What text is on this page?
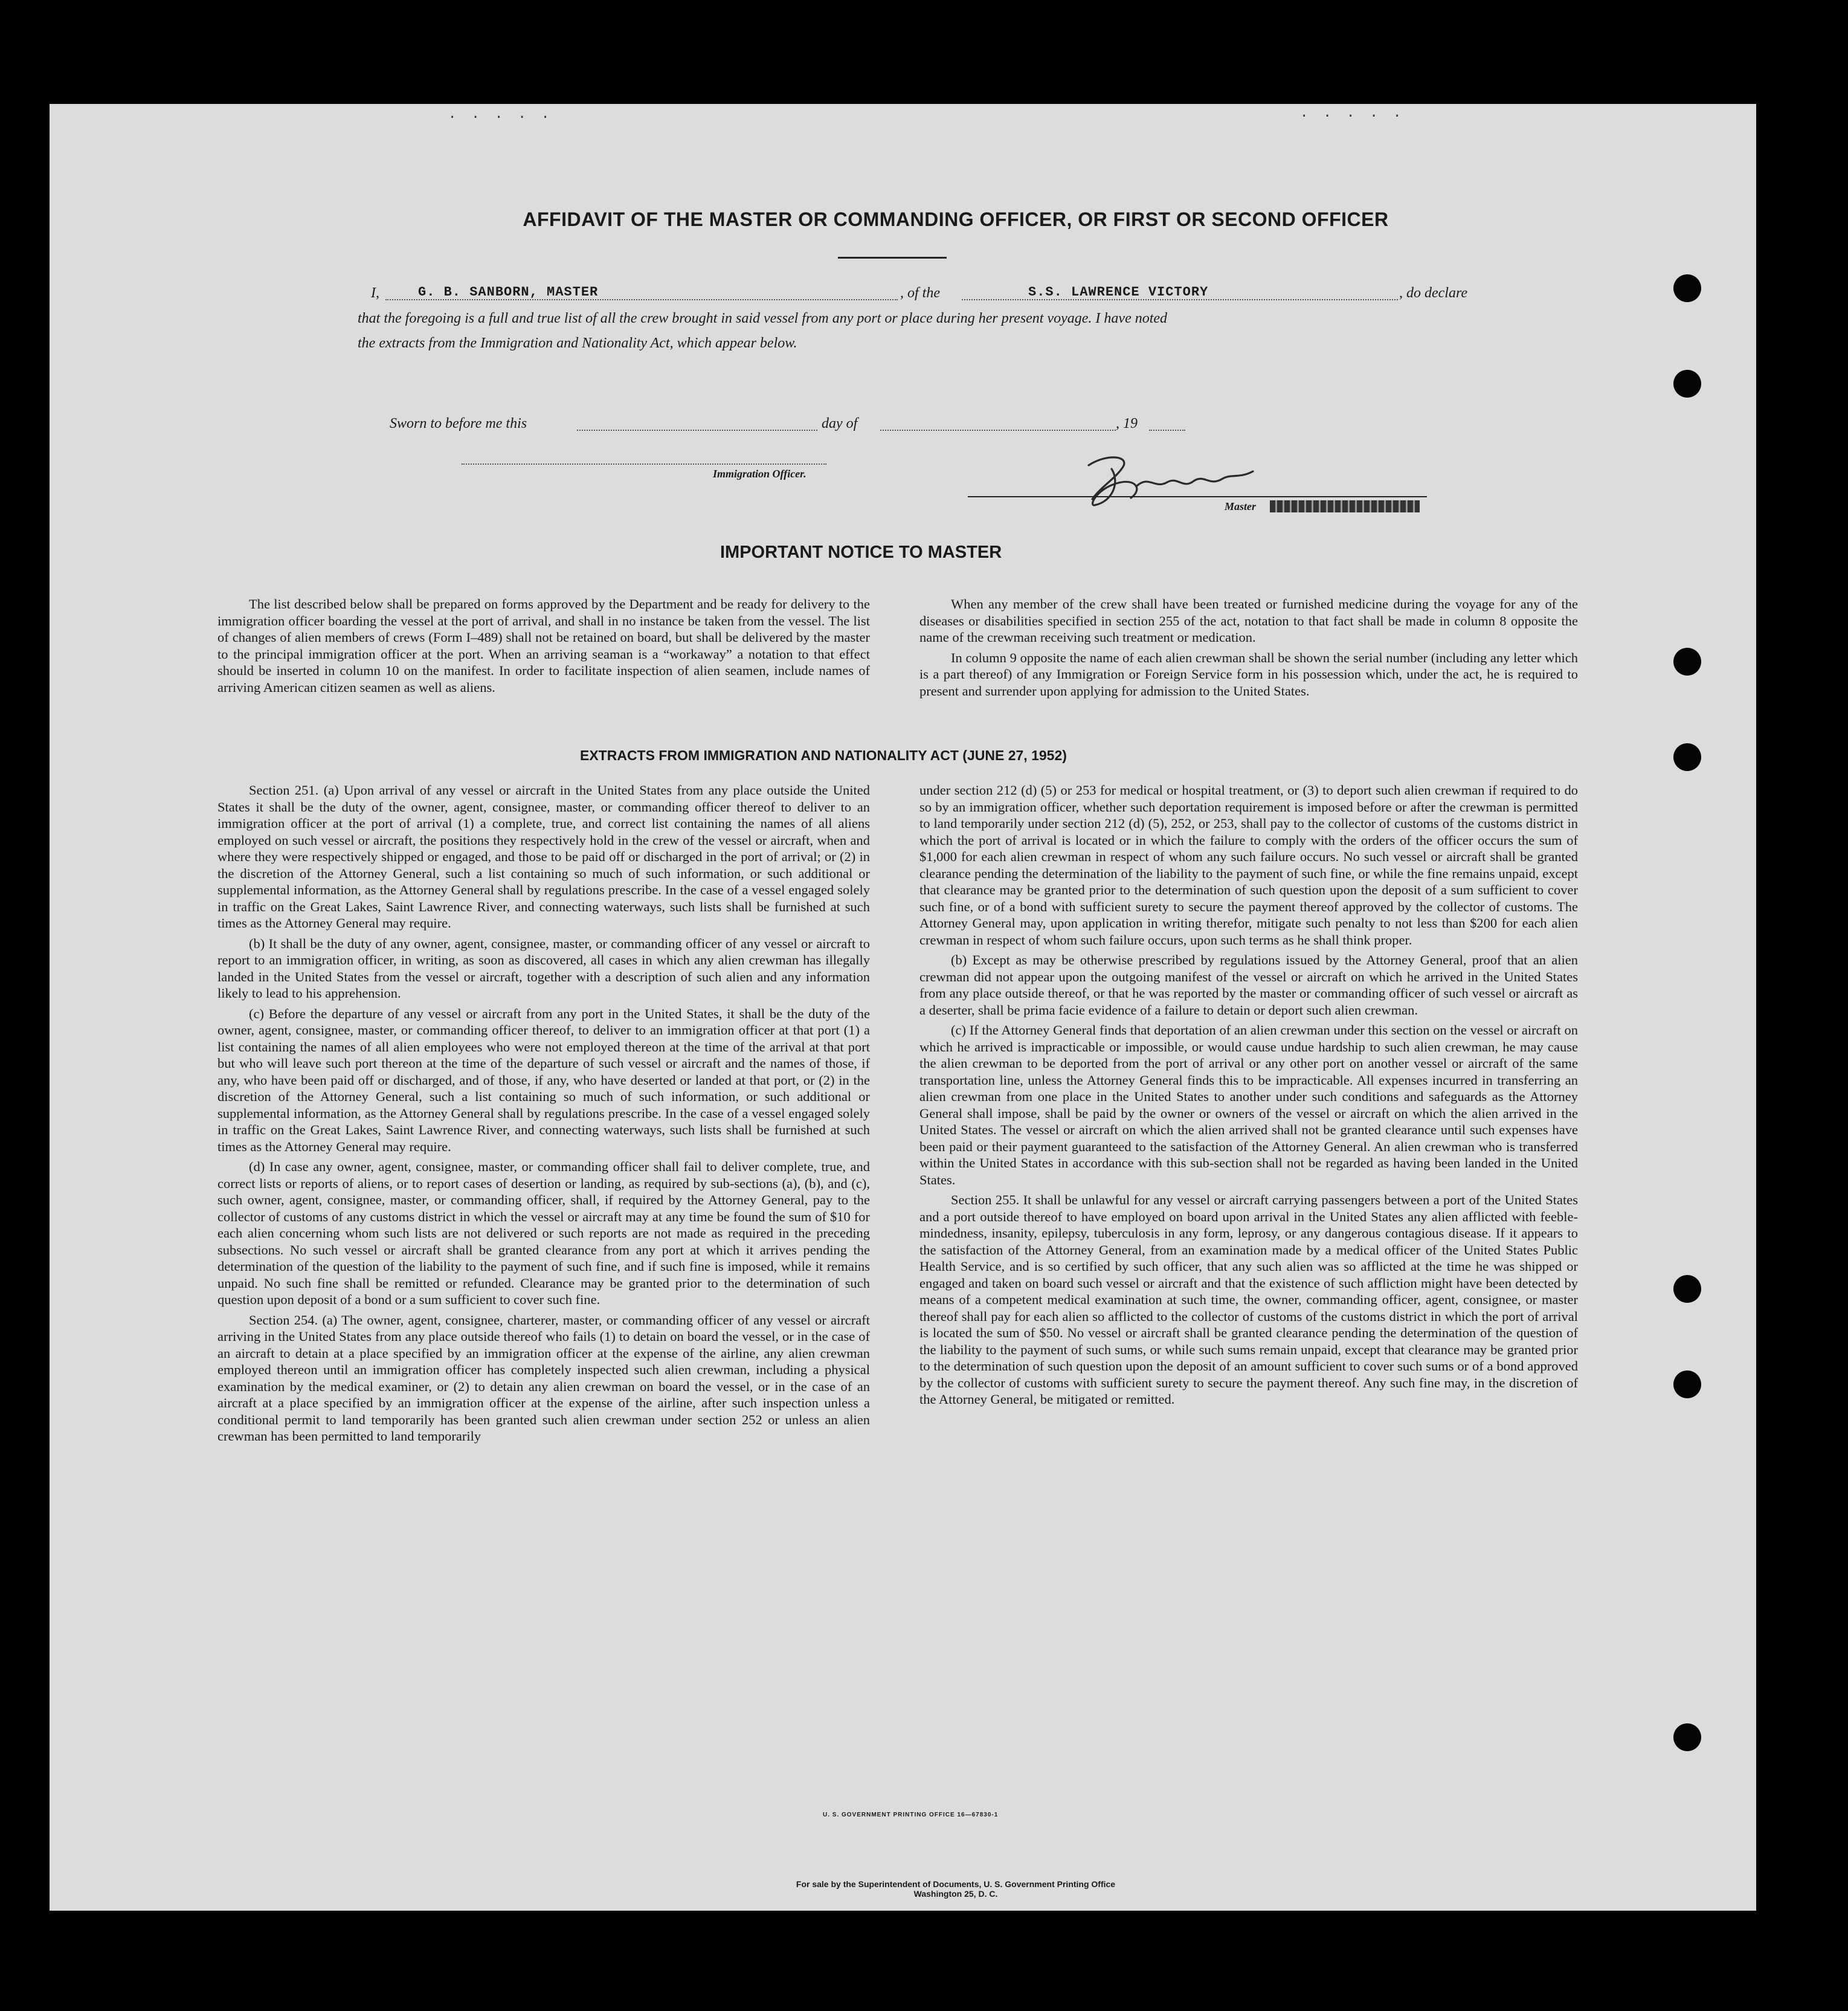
· · · · ·	· · · · ·
AFFIDAVIT OF THE MASTER OR COMMANDING OFFICER, OR FIRST OR SECOND OFFICER
I,	G. B. SANBORN, MASTER	, of the	S.S. LAWRENCE VICTORY	, do declare
that the foregoing is a full and true list of all the crew brought in said vessel from any port or place during her present voyage. I have noted
the extracts from the Immigration and Nationality Act, which appear below.
Master
Sworn to before me this	day of	, 19
Immigration Officer.
IMPORTANT NOTICE TO MASTER

The list described below shall be prepared on forms approved by the Department and be ready for delivery to the immigration officer boarding the vessel at the port of arrival, and shall in no instance be taken from the vessel. The list of changes of alien members of crews (Form I–489) shall not be retained on board, but shall be delivered by the master to the principal immigration officer at the port. When an arriving seaman is a “workaway” a notation to that effect should be inserted in column 10 on the manifest. In order to facilitate inspection of alien seamen, include names of arriving American citizen seamen as well as aliens.

When any member of the crew shall have been treated or furnished medicine during the voyage for any of the diseases or disabilities specified in section 255 of the act, notation to that fact shall be made in column 8 opposite the name of the crewman receiving such treatment or medication.

In column 9 opposite the name of each alien crewman shall be shown the serial number (including any letter which is a part thereof) of any Immigration or Foreign Service form in his possession which, under the act, he is required to present and surrender upon applying for admission to the United States.

EXTRACTS FROM IMMIGRATION AND NATIONALITY ACT (JUNE 27, 1952)

Section 251. (a) Upon arrival of any vessel or aircraft in the United States from any place outside the United States it shall be the duty of the owner, agent, consignee, master, or commanding officer thereof to deliver to an immigration officer at the port of arrival (1) a complete, true, and correct list containing the names of all aliens employed on such vessel or aircraft, the positions they respectively hold in the crew of the vessel or aircraft, when and where they were respectively shipped or engaged, and those to be paid off or discharged in the port of arrival; or (2) in the discretion of the Attorney General, such a list containing so much of such information, or such additional or supplemental information, as the Attorney General shall by regulations prescribe. In the case of a vessel engaged solely in traffic on the Great Lakes, Saint Lawrence River, and connecting waterways, such lists shall be furnished at such times as the Attorney General may require.

(b) It shall be the duty of any owner, agent, consignee, master, or commanding officer of any vessel or aircraft to report to an immigration officer, in writing, as soon as discovered, all cases in which any alien crewman has illegally landed in the United States from the vessel or aircraft, together with a description of such alien and any information likely to lead to his apprehension.

(c) Before the departure of any vessel or aircraft from any port in the United States, it shall be the duty of the owner, agent, consignee, master, or commanding officer thereof, to deliver to an immigration officer at that port (1) a list containing the names of all alien employees who were not employed thereon at the time of the arrival at that port but who will leave such port thereon at the time of the departure of such vessel or aircraft and the names of those, if any, who have been paid off or discharged, and of those, if any, who have deserted or landed at that port, or (2) in the discretion of the Attorney General, such a list containing so much of such information, or such additional or supplemental information, as the Attorney General shall by regulations prescribe. In the case of a vessel engaged solely in traffic on the Great Lakes, Saint Lawrence River, and connecting waterways, such lists shall be furnished at such times as the Attorney General may require.

(d) In case any owner, agent, consignee, master, or commanding officer shall fail to deliver complete, true, and correct lists or reports of aliens, or to report cases of desertion or landing, as required by sub-sections (a), (b), and (c), such owner, agent, consignee, master, or commanding officer, shall, if required by the Attorney General, pay to the collector of customs of any customs district in which the vessel or aircraft may at any time be found the sum of $10 for each alien concerning whom such lists are not delivered or such reports are not made as required in the preceding subsections. No such vessel or aircraft shall be granted clearance from any port at which it arrives pending the determination of the question of the liability to the payment of such fine, and if such fine is imposed, while it remains unpaid. No such fine shall be remitted or refunded. Clearance may be granted prior to the determination of such question upon deposit of a bond or a sum sufficient to cover such fine.

Section 254. (a) The owner, agent, consignee, charterer, master, or commanding officer of any vessel or aircraft arriving in the United States from any place outside thereof who fails (1) to detain on board the vessel, or in the case of an aircraft to detain at a place specified by an immigration officer at the expense of the airline, any alien crewman employed thereon until an immigration officer has completely inspected such alien crewman, including a physical examination by the medical examiner, or (2) to detain any alien crewman on board the vessel, or in the case of an aircraft at a place specified by an immigration officer at the expense of the airline, after such inspection unless a conditional permit to land temporarily has been granted such alien crewman under section 252 or unless an alien crewman has been permitted to land temporarily

under section 212 (d) (5) or 253 for medical or hospital treatment, or (3) to deport such alien crewman if required to do so by an immigration officer, whether such deportation requirement is imposed before or after the crewman is permitted to land temporarily under section 212 (d) (5), 252, or 253, shall pay to the collector of customs of the customs district in which the port of arrival is located or in which the failure to comply with the orders of the officer occurs the sum of $1,000 for each alien crewman in respect of whom any such failure occurs. No such vessel or aircraft shall be granted clearance pending the determination of the liability to the payment of such fine, or while the fine remains unpaid, except that clearance may be granted prior to the determination of such question upon the deposit of a sum sufficient to cover such fine, or of a bond with sufficient surety to secure the payment thereof approved by the collector of customs. The Attorney General may, upon application in writing therefor, mitigate such penalty to not less than $200 for each alien crewman in respect of whom such failure occurs, upon such terms as he shall think proper.

(b) Except as may be otherwise prescribed by regulations issued by the Attorney General, proof that an alien crewman did not appear upon the outgoing manifest of the vessel or aircraft on which he arrived in the United States from any place outside thereof, or that he was reported by the master or commanding officer of such vessel or aircraft as a deserter, shall be prima facie evidence of a failure to detain or deport such alien crewman.

(c) If the Attorney General finds that deportation of an alien crewman under this section on the vessel or aircraft on which he arrived is impracticable or impossible, or would cause undue hardship to such alien crewman, he may cause the alien crewman to be deported from the port of arrival or any other port on another vessel or aircraft of the same transportation line, unless the Attorney General finds this to be impracticable. All expenses incurred in transferring an alien crewman from one place in the United States to another under such conditions and safeguards as the Attorney General shall impose, shall be paid by the owner or owners of the vessel or aircraft on which the alien arrived in the United States. The vessel or aircraft on which the alien arrived shall not be granted clearance until such expenses have been paid or their payment guaranteed to the satisfaction of the Attorney General. An alien crewman who is transferred within the United States in accordance with this sub-section shall not be regarded as having been landed in the United States.

Section 255. It shall be unlawful for any vessel or aircraft carrying passengers between a port of the United States and a port outside thereof to have employed on board upon arrival in the United States any alien afflicted with feeble-mindedness, insanity, epilepsy, tuberculosis in any form, leprosy, or any dangerous contagious disease. If it appears to the satisfaction of the Attorney General, from an examination made by a medical officer of the United States Public Health Service, and is so certified by such officer, that any such alien was so afflicted at the time he was shipped or engaged and taken on board such vessel or aircraft and that the existence of such affliction might have been detected by means of a competent medical examination at such time, the owner, commanding officer, agent, consignee, or master thereof shall pay for each alien so afflicted to the collector of customs of the customs district in which the port of arrival is located the sum of $50. No vessel or aircraft shall be granted clearance pending the determination of the question of the liability to the payment of such sums, or while such sums remain unpaid, except that clearance may be granted prior to the determination of such question upon the deposit of an amount sufficient to cover such sums or of a bond approved by the collector of customs with sufficient surety to secure the payment thereof. Any such fine may, in the discretion of the Attorney General, be mitigated or remitted.

U. S. GOVERNMENT PRINTING OFFICE 16—67830-1
For sale by the Superintendent of Documents, U. S. Government Printing Office
Washington 25, D. C.
